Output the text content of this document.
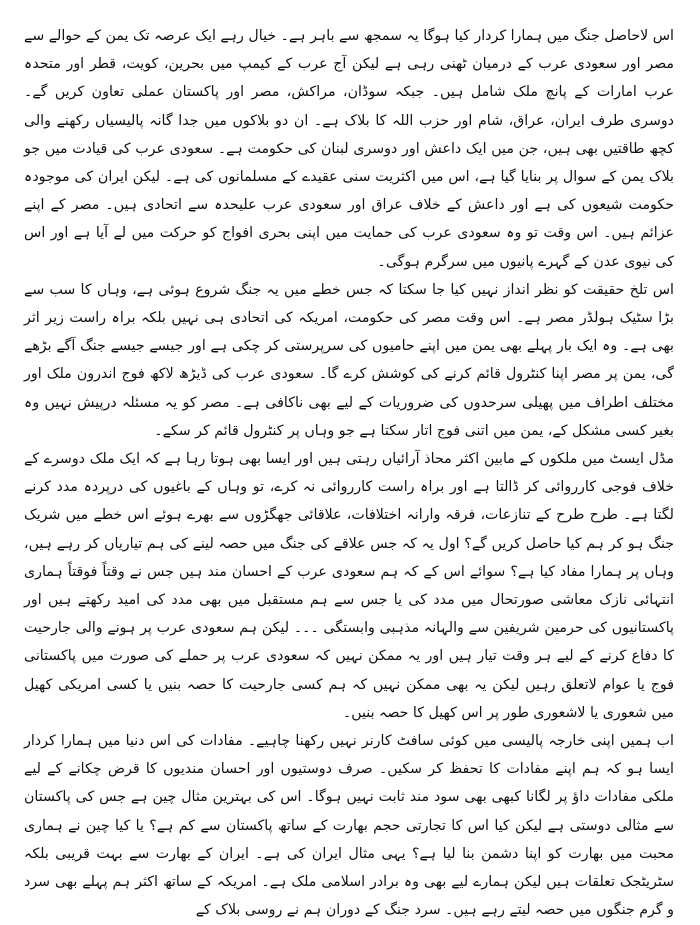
اس لاحاصل جنگ میں ہمارا کردار کیا ہوگا یہ سمجھ سے باہر ہے۔ خیال رہے ایک عرصہ تک یمن کے حوالے سے مصر اور سعودی عرب کے درمیان ٹھنی رہی ہے لیکن آج عرب کے کیمپ میں بحرین، کویت، قطر اور متحدہ عرب امارات کے پانچ ملک شامل ہیں۔ جبکہ سوڈان، مراکش، مصر اور پاکستان عملی تعاون کریں گے۔ دوسری طرف ایران، عراق، شام اور حزب اللہ کا بلاک ہے۔ ان دو بلاکوں میں جدا گانہ پالیسیاں رکھنے والی کچھ طاقتیں بھی ہیں، جن میں ایک داعش اور دوسری لبنان کی حکومت ہے۔ سعودی عرب کی قیادت میں جو بلاک یمن کے سوال پر بنایا گیا ہے، اس میں اکثریت سنی عقیدے کے مسلمانوں کی ہے۔ لیکن ایران کی موجودہ حکومت شیعوں کی ہے اور داعش کے خلاف عراق اور سعودی عرب علیحدہ سے اتحادی ہیں۔ مصر کے اپنے عزائم ہیں۔ اس وقت تو وہ سعودی عرب کی حمایت میں اپنی بحری افواج کو حرکت میں لے آیا ہے اور اس کی نیوی عدن کے گہرے پانیوں میں سرگرم ہوگی۔

اس تلخ حقیقت کو نظر انداز نہیں کیا جا سکتا کہ جس خطے میں یہ جنگ شروع ہوئی ہے، وہاں کا سب سے بڑا سٹیک ہولڈر مصر ہے۔ اس وقت مصر کی حکومت، امریکہ کی اتحادی ہی نہیں بلکہ براہ راست زیر اثر بھی ہے۔ وہ ایک بار پہلے بھی یمن میں اپنے حامیوں کی سرپرستی کر چکی ہے اور جیسے جیسے جنگ آگے بڑھے گی، یمن پر مصر اپنا کنٹرول قائم کرنے کی کوشش کرے گا۔ سعودی عرب کی ڈیڑھ لاکھ فوج اندرون ملک اور مختلف اطراف میں پھیلی سرحدوں کی ضروریات کے لیے بھی ناکافی ہے۔ مصر کو یہ مسئلہ درپیش نہیں وہ بغیر کسی مشکل کے، یمن میں اتنی فوج اتار سکتا ہے جو وہاں پر کنٹرول قائم کر سکے۔

مڈل ایسٹ میں ملکوں کے مابین اکثر محاذ آرائیاں رہتی ہیں اور ایسا بھی ہوتا رہا ہے کہ ایک ملک دوسرے کے خلاف فوجی کارروائی کر ڈالتا ہے اور براہ راست کارروائی نہ کرے، تو وہاں کے باغیوں کی درپردہ مدد کرنے لگتا ہے۔ طرح طرح کے تنازعات، فرقہ وارانہ اختلافات، علاقائی جھگڑوں سے بھرے ہوئے اس خطے میں شریک جنگ ہو کر ہم کیا حاصل کریں گے؟ اول یہ کہ جس علاقے کی جنگ میں حصہ لینے کی ہم تیاریاں کر رہے ہیں، وہاں پر ہمارا مفاد کیا ہے؟ سوائے اس کے کہ ہم سعودی عرب کے احسان مند ہیں جس نے وقتاً فوقتاً ہماری انتہائی نازک معاشی صورتحال میں مدد کی یا جس سے ہم مستقبل میں بھی مدد کی امید رکھتے ہیں اور پاکستانیوں کی حرمین شریفین سے والہانہ مذہبی وابستگی ۔۔۔ لیکن ہم سعودی عرب پر ہونے والی جارحیت کا دفاع کرنے کے لیے ہر وقت تیار ہیں اور یہ ممکن نہیں کہ سعودی عرب پر حملے کی صورت میں پاکستانی فوج یا عوام لاتعلق رہیں لیکن یہ بھی ممکن نہیں کہ ہم کسی جارحیت کا حصہ بنیں یا کسی امریکی کھیل میں شعوری یا لاشعوری طور پر اس کھیل کا حصہ بنیں۔

اب ہمیں اپنی خارجہ پالیسی میں کوئی سافٹ کارنر نہیں رکھنا چاہیے۔ مفادات کی اس دنیا میں ہمارا کردار ایسا ہو کہ ہم اپنے مفادات کا تحفظ کر سکیں۔ صرف دوستیوں اور احسان مندیوں کا قرض چکانے کے لیے ملکی مفادات داؤ پر لگانا کبھی بھی سود مند ثابت نہیں ہوگا۔ اس کی بہترین مثال چین ہے جس کی پاکستان سے مثالی دوستی ہے لیکن کیا اس کا تجارتی حجم بھارت کے ساتھ پاکستان سے کم ہے؟ یا کیا چین نے ہماری محبت میں بھارت کو اپنا دشمن بنا لیا ہے؟ یہی مثال ایران کی ہے۔ ایران کے بھارت سے بہت قریبی بلکہ سٹریٹجک تعلقات ہیں لیکن ہمارے لیے بھی وہ برادر اسلامی ملک ہے۔ امریکہ کے ساتھ اکثر ہم پہلے بھی سرد و گرم جنگوں میں حصہ لیتے رہے ہیں۔ سرد جنگ کے دوران ہم نے روسی بلاک کے
